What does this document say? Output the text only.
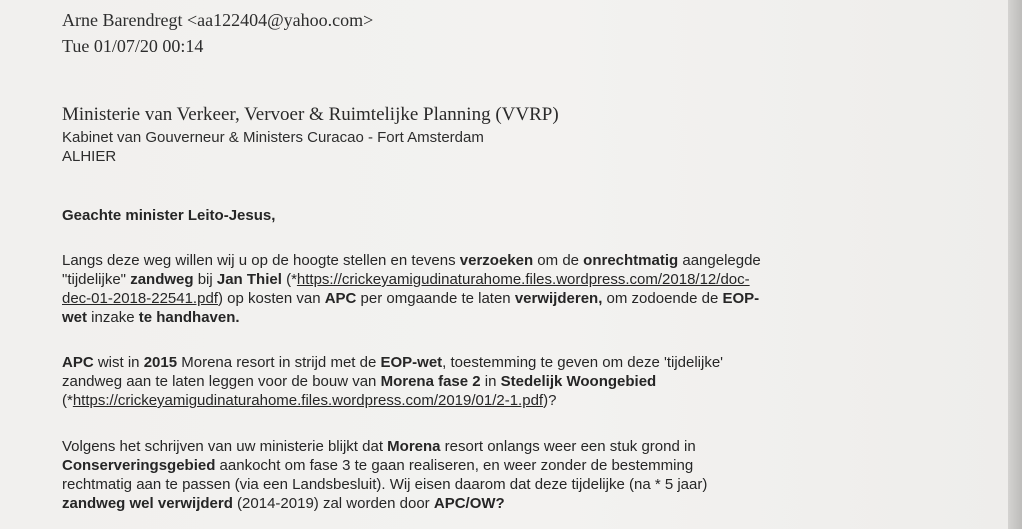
Arne Barendregt <aa122404@yahoo.com>
Tue 01/07/20 00:14
Ministerie van Verkeer, Vervoer & Ruimtelijke Planning (VVRP)
Kabinet van Gouverneur & Ministers Curacao - Fort Amsterdam
ALHIER
Geachte minister Leito-Jesus,
Langs deze weg willen wij u op de hoogte stellen en tevens verzoeken om de onrechtmatig aangelegde
"tijdelijke" zandweg bij Jan Thiel (*https://crickeyamigudinaturahome.files.wordpress.com/2018/12/doc-
dec-01-2018-22541.pdf) op kosten van APC per omgaande te laten verwijderen, om zodoende de EOP-
wet inzake te handhaven.
APC wist in 2015 Morena resort in strijd met de EOP-wet, toestemming te geven om deze 'tijdelijke'
zandweg aan te laten leggen voor de bouw van Morena fase 2 in Stedelijk Woongebied
(*https://crickeyamigudinaturahome.files.wordpress.com/2019/01/2-1.pdf)?
Volgens het schrijven van uw ministerie blijkt dat Morena resort onlangs weer een stuk grond in
Conserveringsgebied aankocht om fase 3 te gaan realiseren, en weer zonder de bestemming
rechtmatig aan te passen (via een Landsbesluit). Wij eisen daarom dat deze tijdelijke (na * 5 jaar)
zandweg wel verwijderd (2014-2019) zal worden door APC/OW?
